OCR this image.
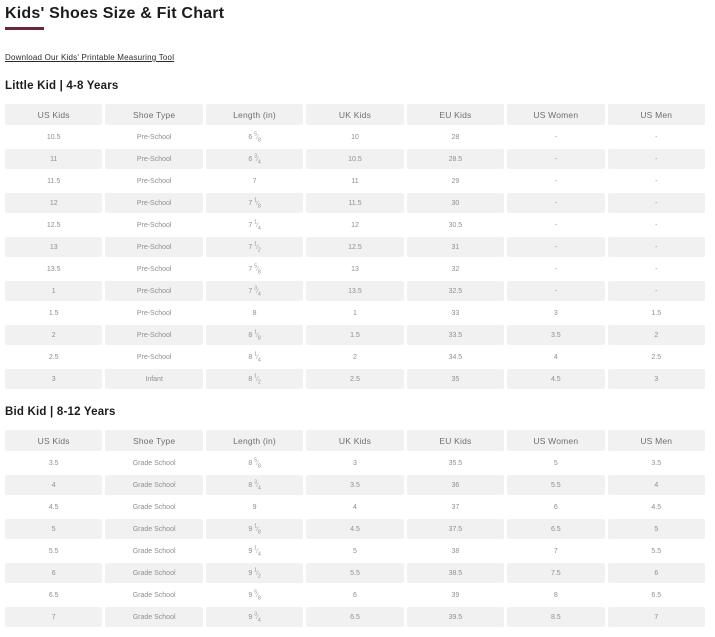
Kids' Shoes Size & Fit Chart
Download Our Kids' Printable Measuring Tool
Little Kid | 4-8 Years
US Kids	Shoe Type	Length (in)	UK Kids	EU Kids	US Women	US Men
10.5	Pre-School	6 $^5⁄_8$	10	28	-	-
11	Pre-School	6 $^3⁄_4$	10.5	28.5	-	-
11.5	Pre-School	7	11	29	-	-
12	Pre-School	7 $^1⁄_8$	11.5	30	-	-
12.5	Pre-School	7 $^1⁄_4$	12	30.5	-	-
13	Pre-School	7 $^1⁄_2$	12.5	31	-	-
13.5	Pre-School	7 $^5⁄_8$	13	32	-	-
1	Pre-School	7 $^3⁄_4$	13.5	32.5	-	-
1.5	Pre-School	8	1	33	3	1.5
2	Pre-School	8 $^1⁄_8$	1.5	33.5	3.5	2
2.5	Pre-School	8 $^1⁄_4$	2	34.5	4	2.5
3	Infant	8 $^1⁄_2$	2.5	35	4.5	3
Bid Kid | 8-12 Years
US Kids	Shoe Type	Length (in)	UK Kids	EU Kids	US Women	US Men
3.5	Grade School	8 $^5⁄_8$	3	35.5	5	3.5
4	Grade School	8 $^3⁄_4$	3.5	36	5.5	4
4.5	Grade School	9	4	37	6	4.5
5	Grade School	9 $^1⁄_8$	4.5	37.5	6.5	5
5.5	Grade School	9 $^1⁄_4$	5	38	7	5.5
6	Grade School	9 $^1⁄_2$	5.5	38.5	7.5	6
6.5	Grade School	9 $^5⁄_8$	6	39	8	6.5
7	Grade School	9 $^3⁄_4$	6.5	39.5	8.5	7
